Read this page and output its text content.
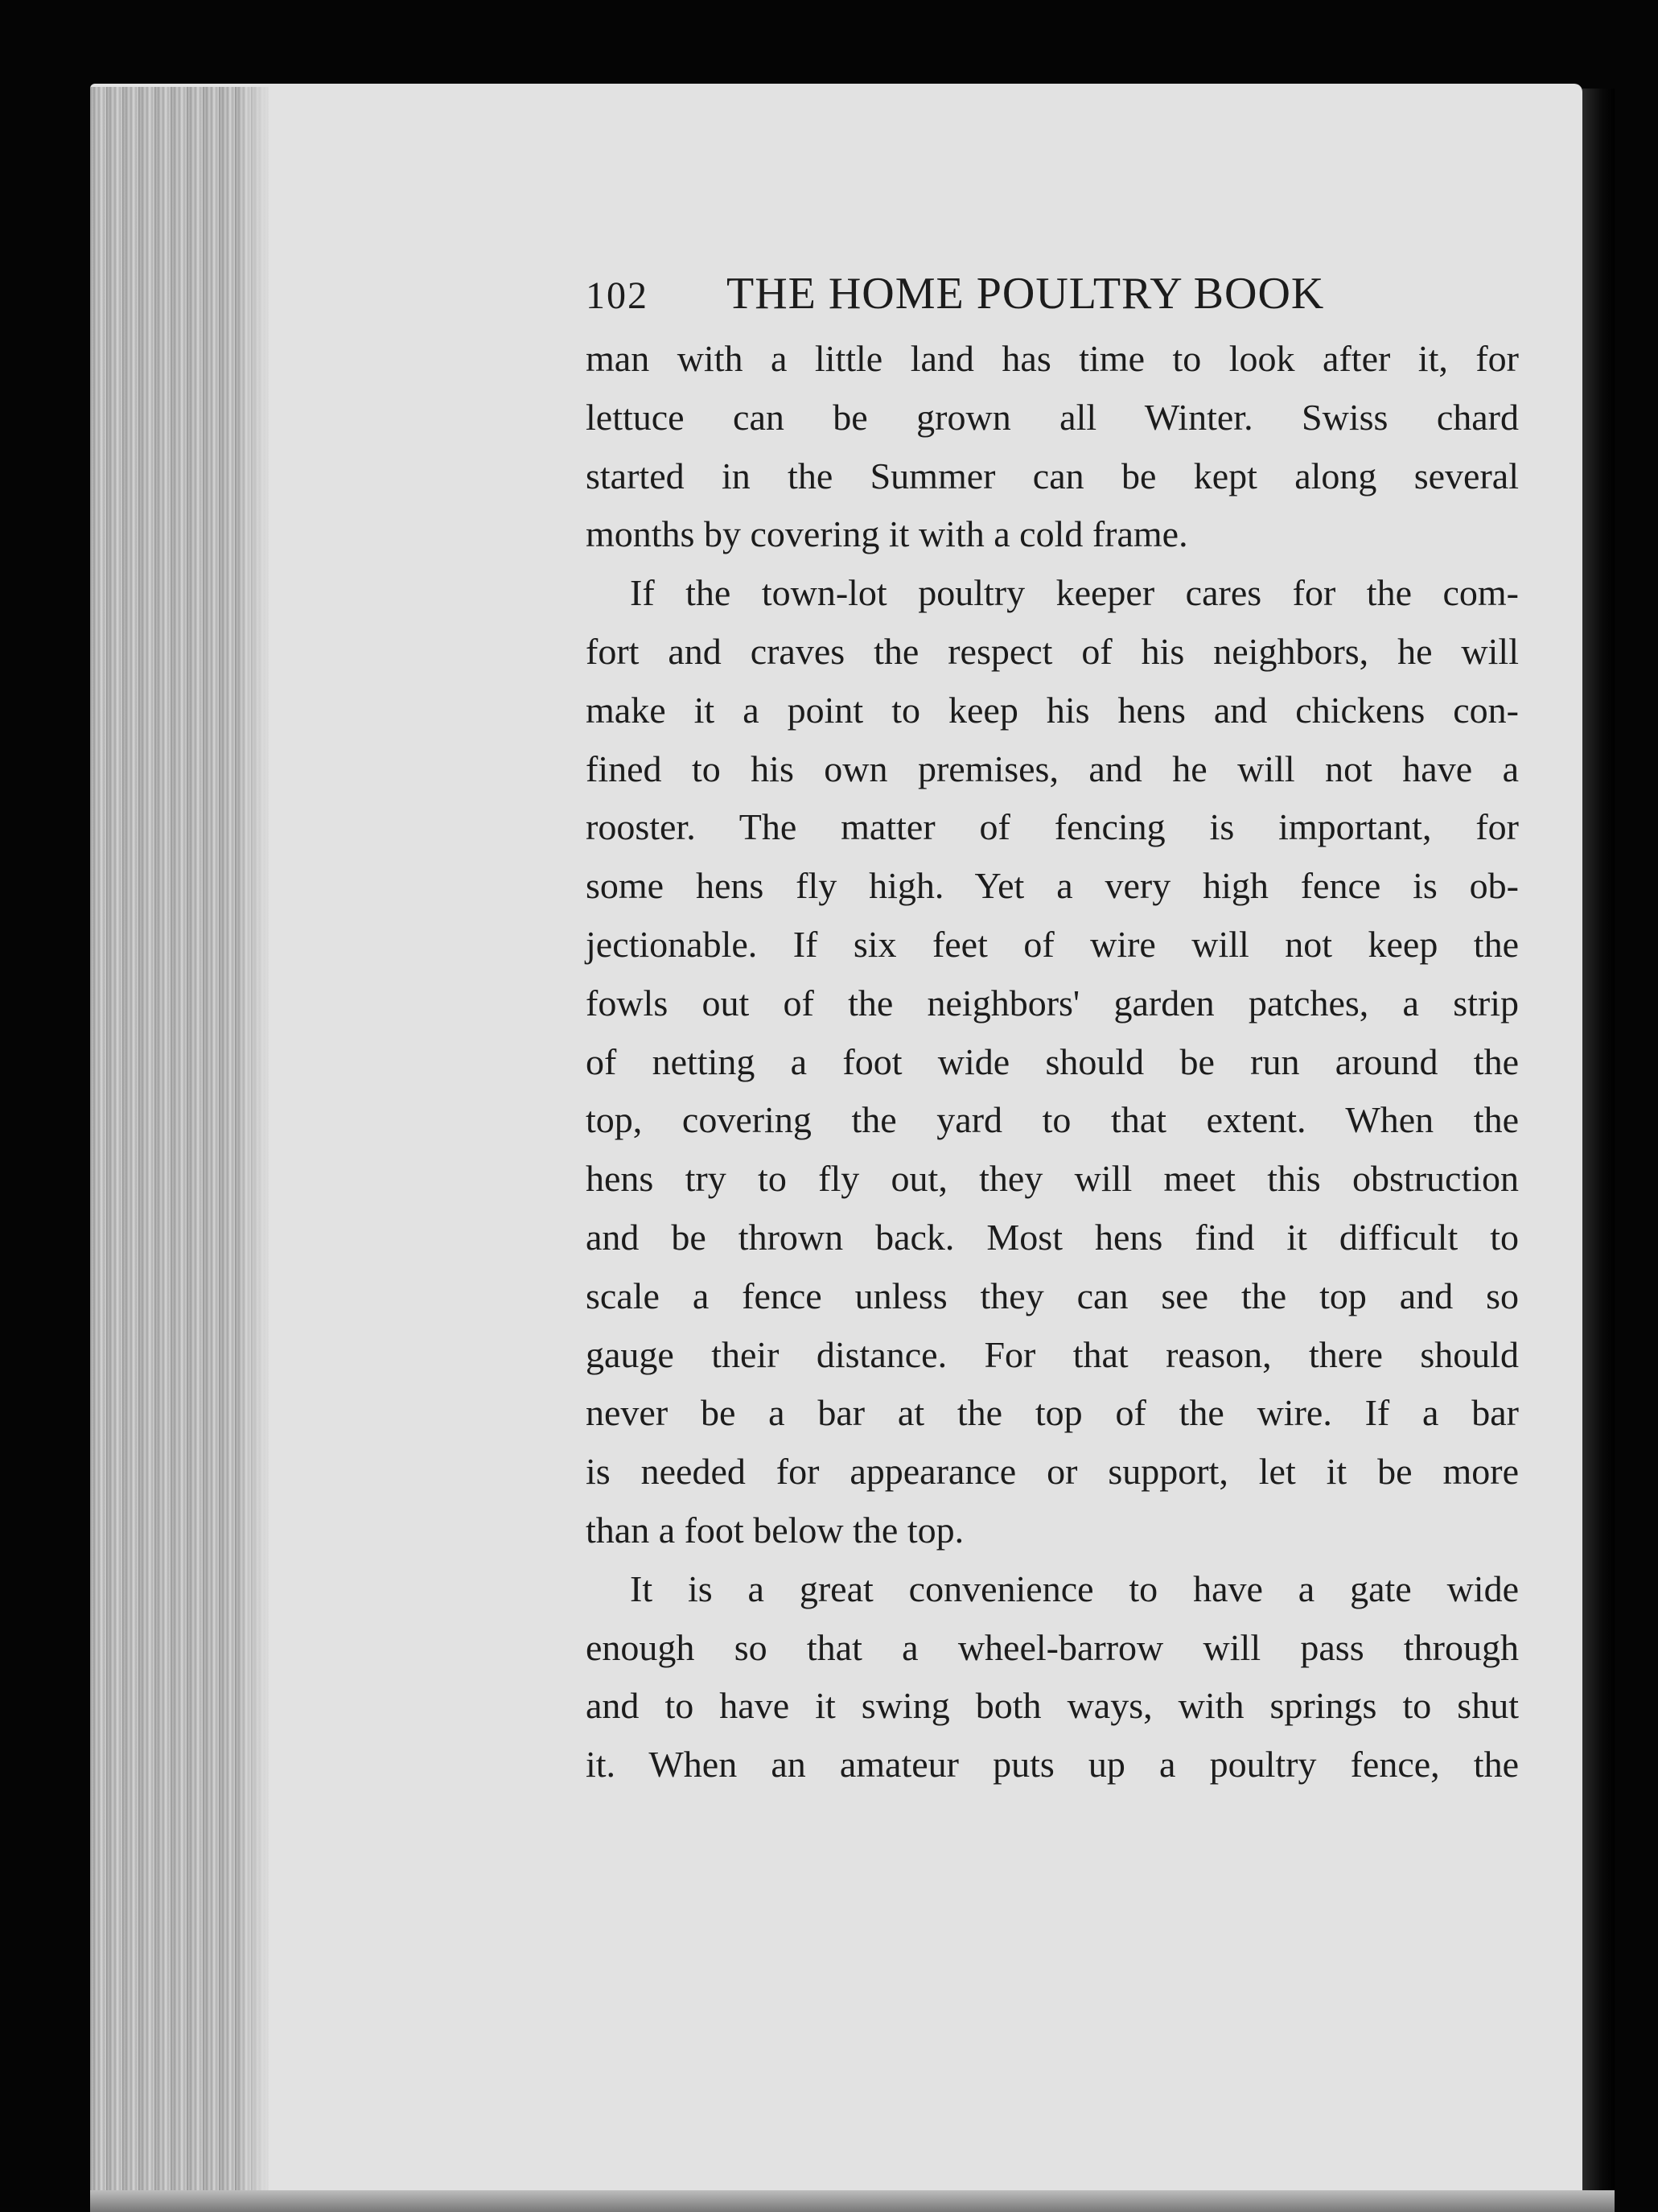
102 THE HOME POULTRY BOOK
man with a little land has time to look after it, for
lettuce can be grown all Winter. Swiss chard
started in the Summer can be kept along several
months by covering it with a cold frame.
If the town-lot poultry keeper cares for the com-
fort and craves the respect of his neighbors, he will
make it a point to keep his hens and chickens con-
fined to his own premises, and he will not have a
rooster. The matter of fencing is important, for
some hens fly high. Yet a very high fence is ob-
jectionable. If six feet of wire will not keep the
fowls out of the neighbors' garden patches, a strip
of netting a foot wide should be run around the
top, covering the yard to that extent. When the
hens try to fly out, they will meet this obstruction
and be thrown back. Most hens find it difficult to
scale a fence unless they can see the top and so
gauge their distance. For that reason, there should
never be a bar at the top of the wire. If a bar
is needed for appearance or support, let it be more
than a foot below the top.
It is a great convenience to have a gate wide
enough so that a wheel-barrow will pass through
and to have it swing both ways, with springs to shut
it. When an amateur puts up a poultry fence, the
